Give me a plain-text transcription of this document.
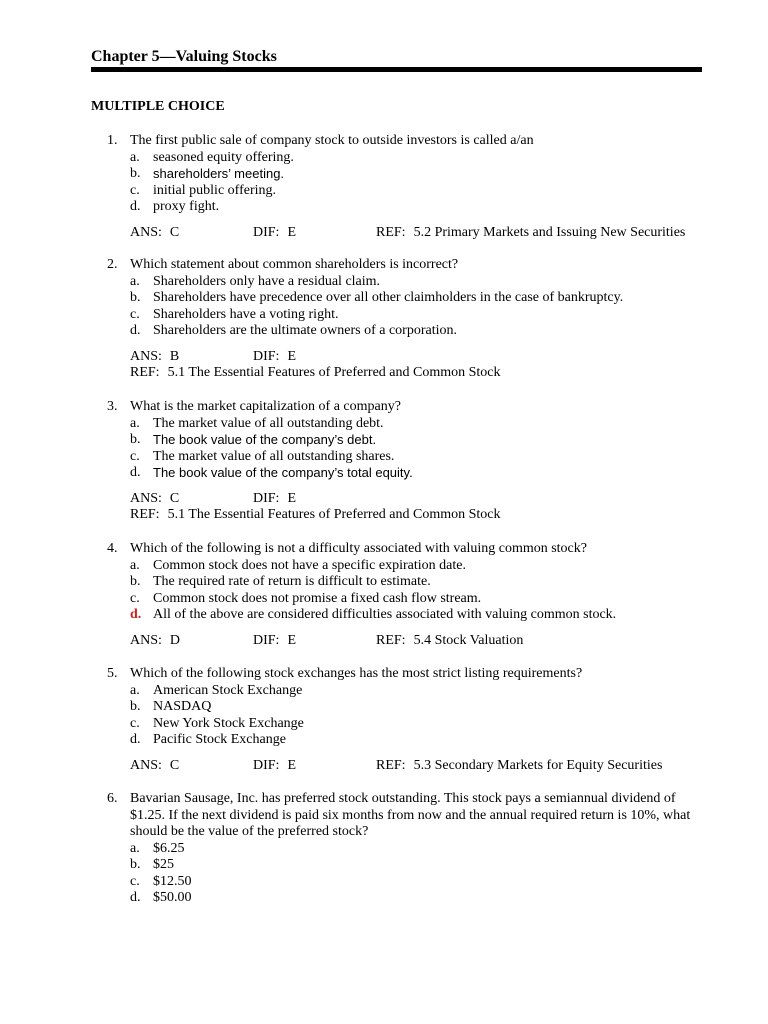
Chapter 5—Valuing Stocks
MULTIPLE CHOICE
1. The first public sale of company stock to outside investors is called a/an
a. seasoned equity offering.
b. shareholders’ meeting.
c. initial public offering.
d. proxy fight.
ANS: C	DIF: E	REF: 5.2 Primary Markets and Issuing New Securities
2. Which statement about common shareholders is incorrect?
a. Shareholders only have a residual claim.
b. Shareholders have precedence over all other claimholders in the case of bankruptcy.
c. Shareholders have a voting right.
d. Shareholders are the ultimate owners of a corporation.
ANS: B	DIF: E
REF: 5.1 The Essential Features of Preferred and Common Stock
3. What is the market capitalization of a company?
a. The market value of all outstanding debt.
b. The book value of the company’s debt.
c. The market value of all outstanding shares.
d. The book value of the company’s total equity.
ANS: C	DIF: E
REF: 5.1 The Essential Features of Preferred and Common Stock
4. Which of the following is not a difficulty associated with valuing common stock?
a. Common stock does not have a specific expiration date.
b. The required rate of return is difficult to estimate.
c. Common stock does not promise a fixed cash flow stream.
d. All of the above are considered difficulties associated with valuing common stock.
ANS: D	DIF: E	REF: 5.4 Stock Valuation
5. Which of the following stock exchanges has the most strict listing requirements?
a. American Stock Exchange
b. NASDAQ
c. New York Stock Exchange
d. Pacific Stock Exchange
ANS: C	DIF: E	REF: 5.3 Secondary Markets for Equity Securities
6. Bavarian Sausage, Inc. has preferred stock outstanding. This stock pays a semiannual dividend of
$1.25. If the next dividend is paid six months from now and the annual required return is 10%, what
should be the value of the preferred stock?
a. $6.25
b. $25
c. $12.50
d. $50.00
